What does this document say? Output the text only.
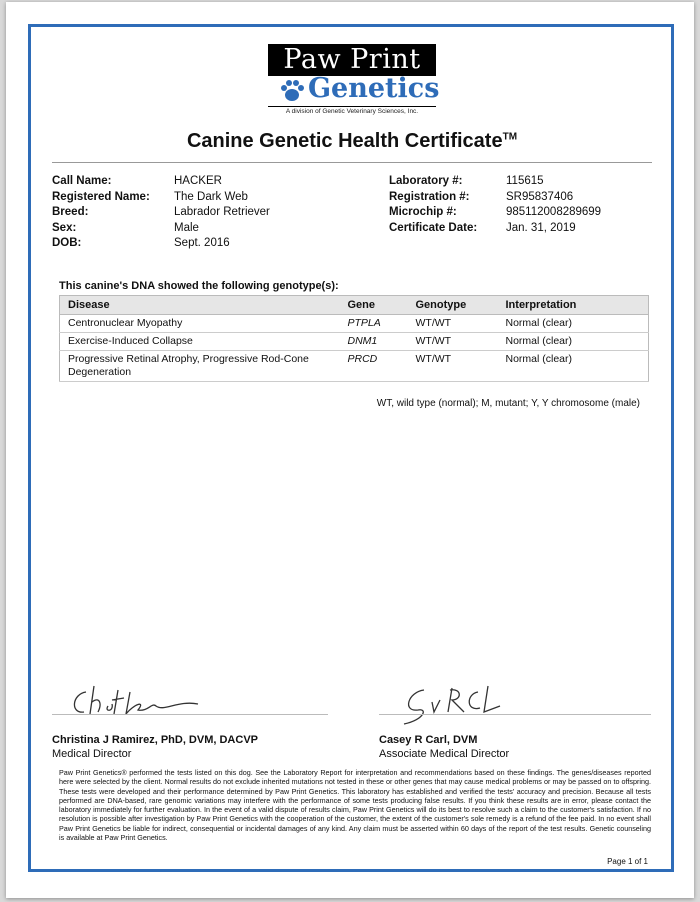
Paw Print
Genetics
A division of Genetic Veterinary Sciences, Inc.
Canine Genetic Health Certificate™
Call Name:	HACKER
Registered Name: The Dark Web
Breed:	Labrador Retriever
Sex:	Male
DOB:	Sept. 2016
Laboratory #:	115615
Registration #:	SR95837406
Microchip #:	985112008289699
Certificate Date:	Jan. 31, 2019
This canine's DNA showed the following genotype(s):
Disease	Gene	Genotype	Interpretation
Centronuclear Myopathy	PTPLA	WT/WT	Normal (clear)
Exercise-Induced Collapse	DNM1	WT/WT	Normal (clear)
Progressive Retinal Atrophy, Progressive Rod-Cone Degeneration	PRCD	WT/WT	Normal (clear)
WT, wild type (normal); M, mutant; Y, Y chromosome (male)
Christina J Ramirez, PhD, DVM, DACVP
Medical Director
Casey R Carl, DVM
Associate Medical Director
Paw Print Genetics® performed the tests listed on this dog. See the Laboratory Report for interpretation and recommendations based on these findings. The genes/diseases reported here were selected by the client. Normal results do not exclude inherited mutations not tested in these or other genes that may cause medical problems or may be passed on to offspring. These tests were developed and their performance determined by Paw Print Genetics. This laboratory has established and verified the tests' accuracy and precision. Because all tests performed are DNA-based, rare genomic variations may interfere with the performance of some tests producing false results. If you think these results are in error, please contact the laboratory immediately for further evaluation. In the event of a valid dispute of results claim, Paw Print Genetics will do its best to resolve such a claim to the customer's satisfaction. If no resolution is possible after investigation by Paw Print Genetics with the cooperation of the customer, the extent of the customer's sole remedy is a refund of the fee paid. In no event shall Paw Print Genetics be liable for indirect, consequential or incidental damages of any kind. Any claim must be asserted within 60 days of the report of the test results. Genetic counseling is available at Paw Print Genetics.
Page 1 of 1
